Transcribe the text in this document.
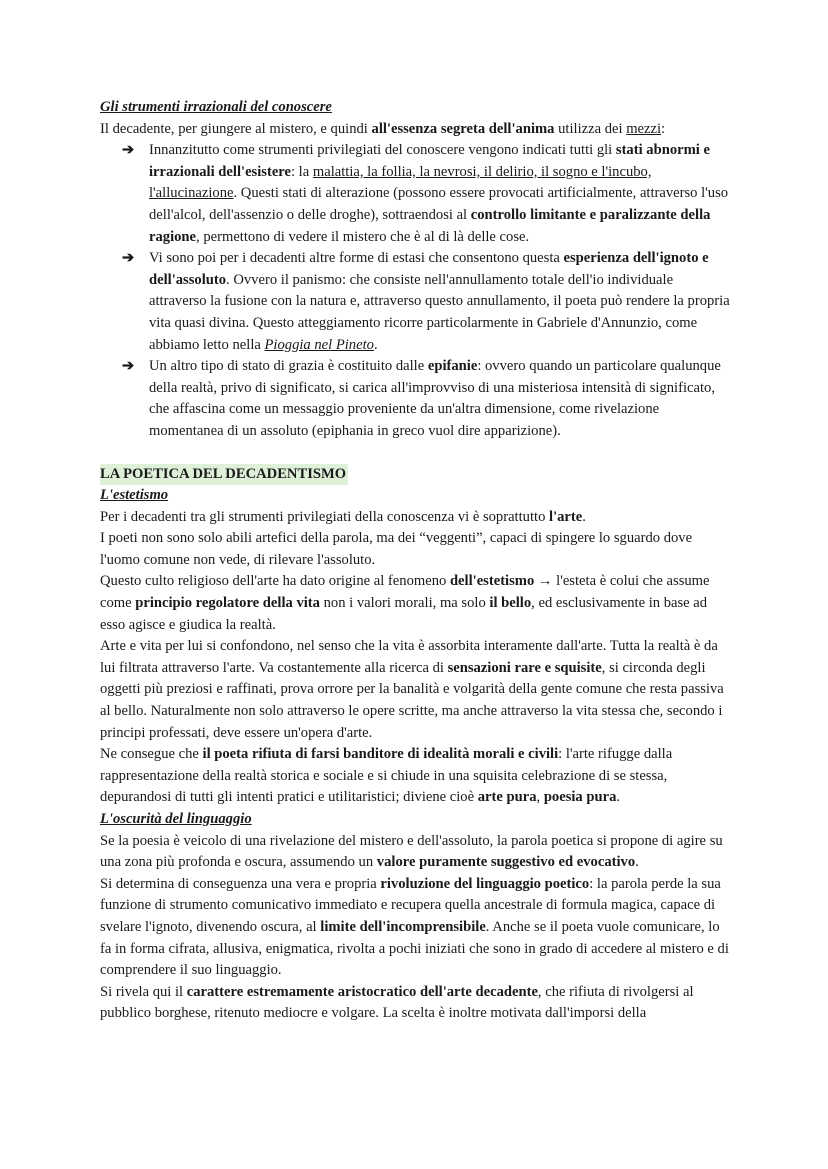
Gli strumenti irrazionali del conoscere

Il decadente, per giungere al mistero, e quindi all'essenza segreta dell'anima utilizza dei mezzi:

➔ Innanzitutto come strumenti privilegiati del conoscere vengono indicati tutti gli stati abnormi e irrazionali dell'esistere: la malattia, la follia, la nevrosi, il delirio, il sogno e l'incubo, l'allucinazione. Questi stati di alterazione (possono essere provocati artificialmente, attraverso l'uso dell'alcol, dell'assenzio o delle droghe), sottraendosi al controllo limitante e paralizzante della ragione, permettono di vedere il mistero che è al di là delle cose.
➔ Vi sono poi per i decadenti altre forme di estasi che consentono questa esperienza dell'ignoto e dell'assoluto. Ovvero il panismo: che consiste nell'annullamento totale dell'io individuale attraverso la fusione con la natura e, attraverso questo annullamento, il poeta può rendere la propria vita quasi divina. Questo atteggiamento ricorre particolarmente in Gabriele d'Annunzio, come abbiamo letto nella Pioggia nel Pineto.
➔ Un altro tipo di stato di grazia è costituito dalle epifanie: ovvero quando un particolare qualunque della realtà, privo di significato, si carica all'improvviso di una misteriosa intensità di significato, che affascina come un messaggio proveniente da un'altra dimensione, come rivelazione momentanea di un assoluto (epiphania in greco vuol dire apparizione).

LA POETICA DEL DECADENTISMO

L'estetismo

Per i decadenti tra gli strumenti privilegiati della conoscenza vi è soprattutto l'arte.

I poeti non sono solo abili artefici della parola, ma dei “veggenti”, capaci di spingere lo sguardo dove l'uomo comune non vede, di rilevare l'assoluto.

Questo culto religioso dell'arte ha dato origine al fenomeno dell'estetismo → l'esteta è colui che assume come principio regolatore della vita non i valori morali, ma solo il bello, ed esclusivamente in base ad esso agisce e giudica la realtà.

Arte e vita per lui si confondono, nel senso che la vita è assorbita interamente dall'arte. Tutta la realtà è da lui filtrata attraverso l'arte. Va costantemente alla ricerca di sensazioni rare e squisite, si circonda degli oggetti più preziosi e raffinati, prova orrore per la banalità e volgarità della gente comune che resta passiva al bello. Naturalmente non solo attraverso le opere scritte, ma anche attraverso la vita stessa che, secondo i principi professati, deve essere un'opera d'arte.

Ne consegue che il poeta rifiuta di farsi banditore di idealità morali e civili: l'arte rifugge dalla rappresentazione della realtà storica e sociale e si chiude in una squisita celebrazione di se stessa, depurandosi di tutti gli intenti pratici e utilitaristici; diviene cioè arte pura, poesia pura.

L'oscurità del linguaggio

Se la poesia è veicolo di una rivelazione del mistero e dell'assoluto, la parola poetica si propone di agire su una zona più profonda e oscura, assumendo un valore puramente suggestivo ed evocativo.

Si determina di conseguenza una vera e propria rivoluzione del linguaggio poetico: la parola perde la sua funzione di strumento comunicativo immediato e recupera quella ancestrale di formula magica, capace di svelare l'ignoto, divenendo oscura, al limite dell'incomprensibile. Anche se il poeta vuole comunicare, lo fa in forma cifrata, allusiva, enigmatica, rivolta a pochi iniziati che sono in grado di accedere al mistero e di comprendere il suo linguaggio.

Si rivela qui il carattere estremamente aristocratico dell'arte decadente, che rifiuta di rivolgersi al pubblico borghese, ritenuto mediocre e volgare. La scelta è inoltre motivata dall'imporsi della
